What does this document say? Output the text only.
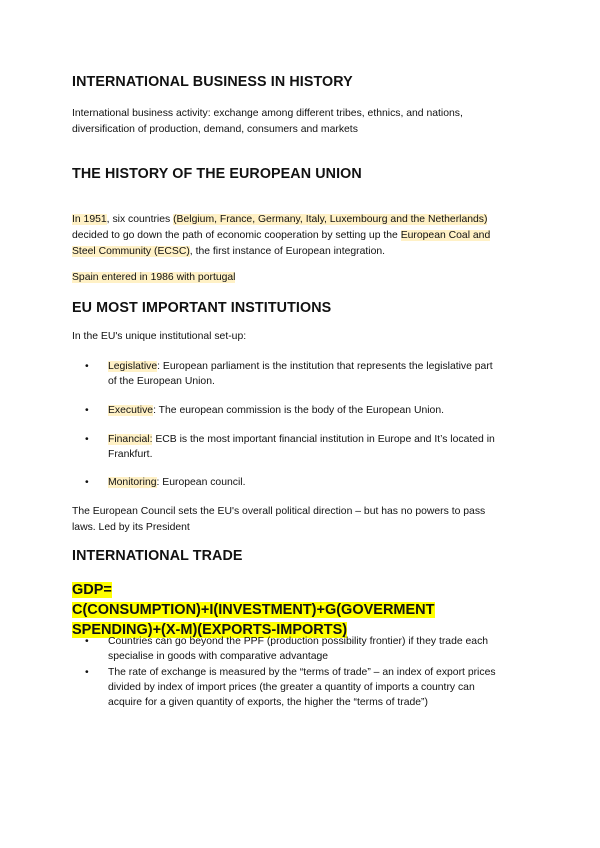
INTERNATIONAL BUSINESS IN HISTORY

International business activity: exchange among different tribes, ethnics, and nations,

diversification of production, demand, consumers and markets

THE HISTORY OF THE EUROPEAN UNION

In 1951, six countries (Belgium, France, Germany, Italy, Luxembourg and the Netherlands)

decided to go down the path of economic cooperation by setting up the European Coal and

Steel Community (ECSC), the first instance of European integration.

Spain entered in 1986 with portugal

EU MOST IMPORTANT INSTITUTIONS

In the EU's unique institutional set-up:

• Legislative: European parliament is the institution that represents the legislative part
of the European Union.
• Executive: The european commission is the body of the European Union.
• Financial: ECB is the most important financial institution in Europe and It’s located in
Frankfurt.
• Monitoring: European council.

The European Council sets the EU's overall political direction – but has no powers to pass

laws. Led by its President

INTERNATIONAL TRADE
GDP= C(CONSUMPTION)+I(INVESTMENT)+G(GOVERMENT
SPENDING)+(X-M)(EXPORTS-IMPORTS)
• Countries can go beyond the PPF (production possibility frontier) if they trade each
specialise in goods with comparative advantage
• The rate of exchange is measured by the “terms of trade” – an index of export prices
divided by index of import prices (the greater a quantity of imports a country can
acquire for a given quantity of exports, the higher the “terms of trade”)
